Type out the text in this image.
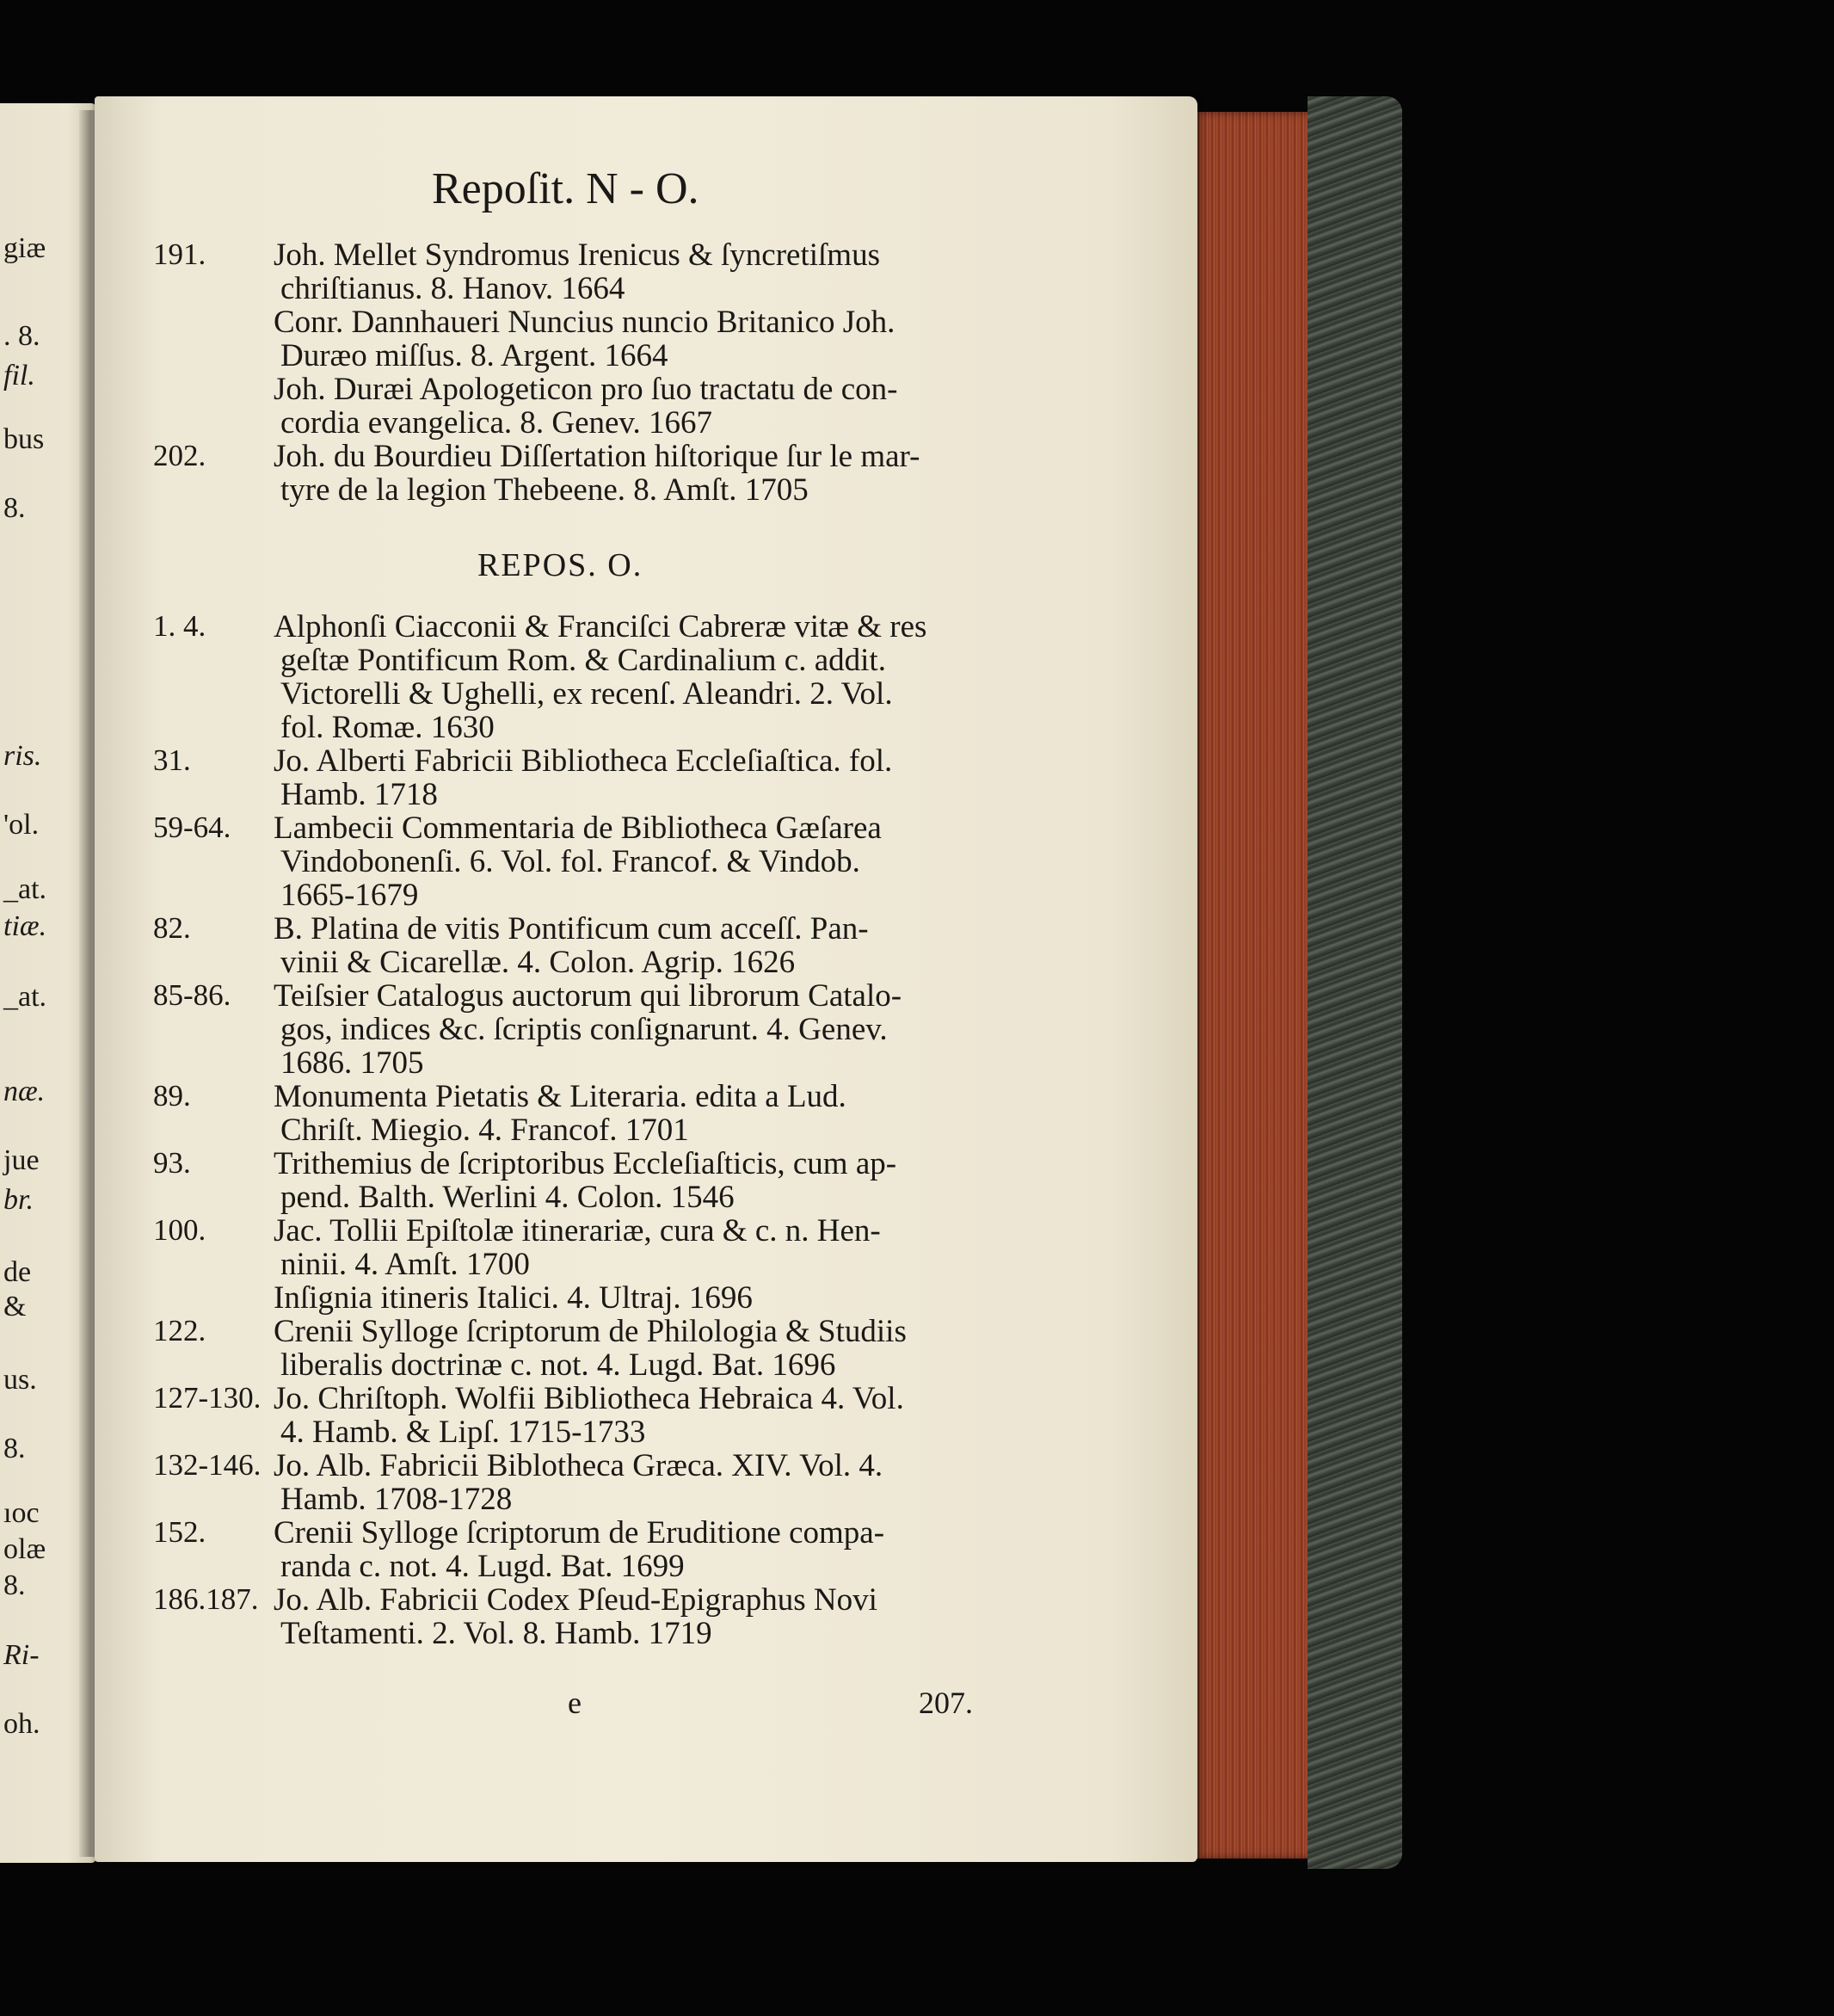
giæ
. 8.
fil.
bus
8.
ris.
'ol.
_at.
tiæ.
_at.
næ.
jue
br.
de
&
us.
8.
ıoc
olæ
8.
Ri-
oh.
Repoſit. N - O.
REPOS. O.
e	207.
191. Joh. Mellet Syndromus Irenicus & ſyncretiſmus
chriſtianus. 8. Hanov. 1664
Conr. Dannhaueri Nuncius nuncio Britanico Joh.
Duræo miſſus. 8. Argent. 1664
Joh. Duræi Apologeticon pro ſuo tractatu de con-
cordia evangelica. 8. Genev. 1667
202. Joh. du Bourdieu Diſſertation hiſtorique ſur le mar-
tyre de la legion Thebeene. 8. Amſt. 1705
1. 4. Alphonſi Ciacconii & Franciſci Cabreræ vitæ & res
geſtæ Pontificum Rom. & Cardinalium c. addit.
Victorelli & Ughelli, ex recenſ. Aleandri. 2. Vol.
fol. Romæ. 1630
31.	Jo. Alberti Fabricii Bibliotheca Eccleſiaſtica. fol.
Hamb. 1718
59-64. Lambecii Commentaria de Bibliotheca Gæſarea
Vindobonenſi. 6. Vol. fol. Francof. & Vindob.
1665-1679
82.	B. Platina de vitis Pontificum cum acceſſ. Pan-
vinii & Cicarellæ. 4. Colon. Agrip. 1626
85-86. Teiſsier Catalogus auctorum qui librorum Catalo-
gos, indices &c. ſcriptis conſignarunt. 4. Genev.
1686. 1705
89.	Monumenta Pietatis & Literaria. edita a Lud.
Chriſt. Miegio. 4. Francof. 1701
93.	Trithemius de ſcriptoribus Eccleſiaſticis, cum ap-
pend. Balth. Werlini 4. Colon. 1546
100. Jac. Tollii Epiſtolæ itinerariæ, cura & c. n. Hen-
ninii. 4. Amſt. 1700
Inſignia itineris Italici. 4. Ultraj. 1696
122. Crenii Sylloge ſcriptorum de Philologia & Studiis
liberalis doctrinæ c. not. 4. Lugd. Bat. 1696
127-130. Jo. Chriſtoph. Wolfii Bibliotheca Hebraica 4. Vol.
4. Hamb. & Lipſ. 1715-1733
132-146. Jo. Alb. Fabricii Biblotheca Græca. XIV. Vol. 4.
Hamb. 1708-1728
152. Crenii Sylloge ſcriptorum de Eruditione compa-
randa c. not. 4. Lugd. Bat. 1699
186.187. Jo. Alb. Fabricii Codex Pſeud-Epigraphus Novi
Teſtamenti. 2. Vol. 8. Hamb. 1719
